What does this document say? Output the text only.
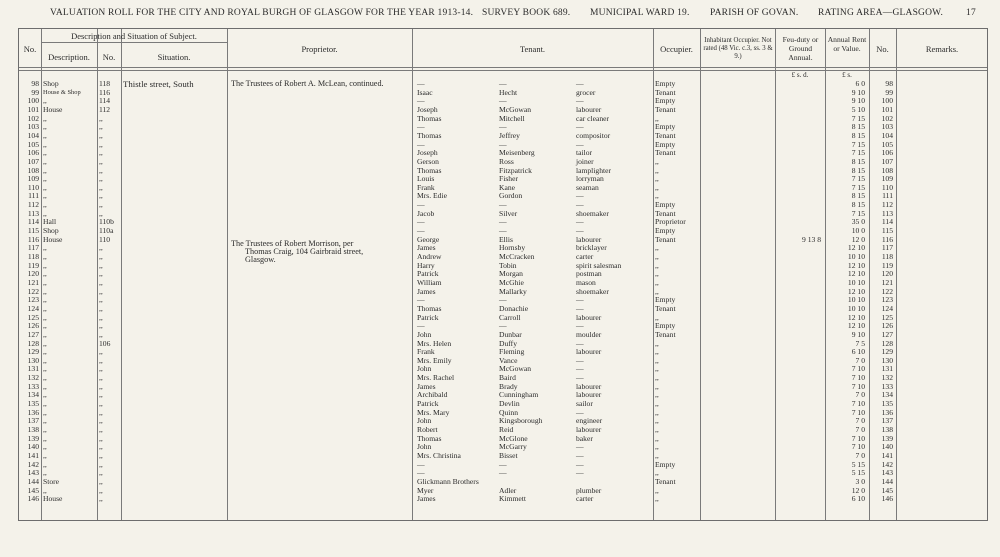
VALUATION ROLL FOR THE CITY AND ROYAL BURGH OF GLASGOW FOR THE YEAR 1913-14. SURVEY BOOK 689. MUNICIPAL WARD 19. PARISH OF GOVAN. RATING AREA—GLASGOW. 17
No.
Description and Situation of Subject.
Description.	No.	Situation.
Proprietor.	Tenant.	Occupier.
Inhabitant Occupier. Not rated (48 Vic. c.3, ss. 3 & 9.)
Feu-duty or Ground Annual.
Annual Rent or Value.	No.	Remarks.
£ s. d.	£ s.
Thistle street, South	The Trustees of Robert A. McLean, continued.
The Trustees of Robert Morrison, per
Thomas Craig, 104 Gairbraid street,
Glasgow.
98 Shop	118	—	—	—	Empty	6 0	98
99 House & Shop	116	Isaac	Hecht	grocer	Tenant	9 10	99
100 ,,	114	—	—	—	Empty	9 10	100
101 House	112	Joseph	McGowan	labourer	Tenant	5 10	101
102 ,,	,,	Thomas	Mitchell	car cleaner	,,	7 15	102
103 ,,	,,	—	—	—	Empty	8 15	103
104 ,,	,,	Thomas	Jeffrey	compositor	Tenant	8 15	104
105 ,,	,,	—	—	—	Empty	7 15	105
106 ,,	,,	Joseph	Meisenberg	tailor	Tenant	7 15	106
107 ,,	,,	Gerson	Ross	joiner	,,	8 15	107
108 ,,	,,	Thomas	Fitzpatrick	lamplighter	,,	8 15	108
109 ,,	,,	Louis	Fisher	lorryman	,,	7 15	109
110 ,,	,,	Frank	Kane	seaman	,,	7 15	110
111 ,,	,,	Mrs. Edie	Gordon	—	,,	8 15	111
112 ,,	,,	—	—	—	Empty	8 15	112
113 ,,	,,	Jacob	Silver	shoemaker	Tenant	7 15	113
114 Hall	110b	—	—	—	Proprietor	35 0	114
115 Shop	110a	—	—	—	Empty	10 0	115
116 House	110	George	Ellis	labourer	Tenant	9 13 8	12 0	116
117 ,,	,,	James	Hornsby	bricklayer	,,	12 10	117
118 ,,	,,	Andrew	McCracken	carter	,,	10 10	118
119 ,,	,,	Harry	Tobin	spirit salesman	,,	12 10	119
120 ,,	,,	Patrick	Morgan	postman	,,	12 10	120
121 ,,	,,	William	McGhie	mason	,,	10 10	121
122 ,,	,,	James	Mallarky	shoemaker	,,	12 10	122
123 ,,	,,	—	—	—	Empty	10 10	123
124 ,,	,,	Thomas	Donachie	—	Tenant	10 10	124
125 ,,	,,	Patrick	Carroll	labourer	,,	12 10	125
126 ,,	,,	—	—	—	Empty	12 10	126
127 ,,	,,	John	Dunbar	moulder	Tenant	9 10	127
128 ,,	106	Mrs. Helen	Duffy	—	,,	7 5	128
129 ,,	,,	Frank	Fleming	labourer	,,	6 10	129
130 ,,	,,	Mrs. Emily	Vance	—	,,	7 0	130
131 ,,	,,	John	McGowan	—	,,	7 10	131
132 ,,	,,	Mrs. Rachel	Baird	—	,,	7 10	132
133 ,,	,,	James	Brady	labourer	,,	7 10	133
134 ,,	,,	Archibald	Cunningham	labourer	,,	7 0	134
135 ,,	,,	Patrick	Devlin	sailor	,,	7 10	135
136 ,,	,,	Mrs. Mary	Quinn	—	,,	7 10	136
137 ,,	,,	John	Kingsborough	engineer	,,	7 0	137
138 ,,	,,	Robert	Reid	labourer	,,	7 0	138
139 ,,	,,	Thomas	McGlone	baker	,,	7 10	139
140 ,,	,,	John	McGarry	—	,,	7 10	140
141 ,,	,,	Mrs. Christina	Bisset	—	,,	7 0	141
142 ,,	,,	—	—	—	Empty	5 15	142
143 ,,	,,	—	—	—	,,	5 15	143
144 Store	,,	Glickmann Brothers	Tenant	3 0	144
145 ,,	,,	Myer	Adler	plumber	,,	12 0	145
146 House	,,	James	Kimmett	carter	,,	6 10	146
